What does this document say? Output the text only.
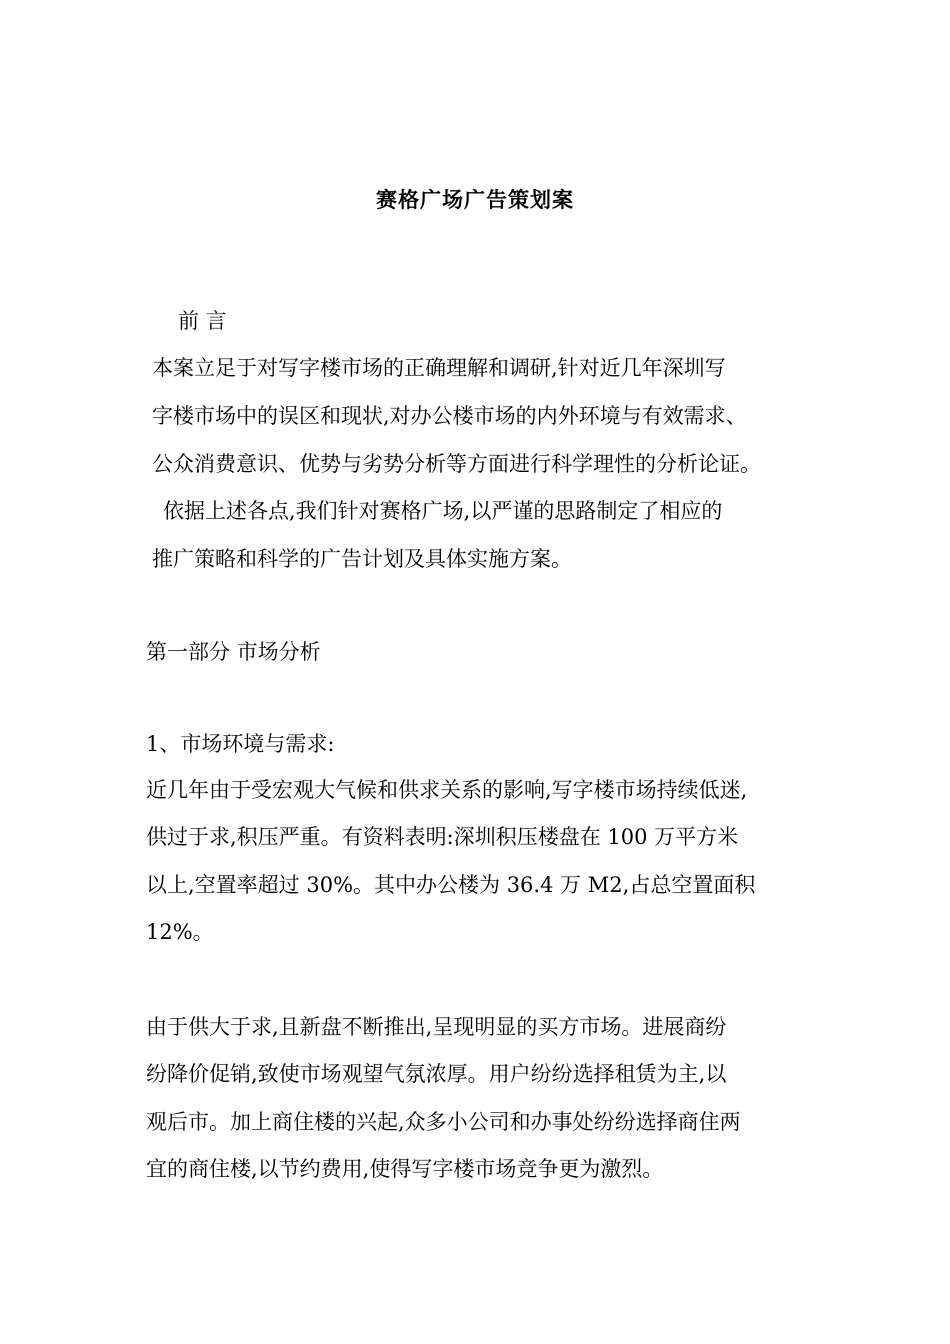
赛格广场广告策划案
前 言
本案立足于对写字楼市场的正确理解和调研,针对近几年深圳写
字楼市场中的误区和现状,对办公楼市场的内外环境与有效需求、
公众消费意识、优势与劣势分析等方面进行科学理性的分析论证。
依据上述各点,我们针对赛格广场,以严谨的思路制定了相应的
推广策略和科学的广告计划及具体实施方案。
第一部分 市场分析
1、市场环境与需求:
近几年由于受宏观大气候和供求关系的影响,写字楼市场持续低迷,
供过于求,积压严重。有资料表明:深圳积压楼盘在 100 万平方米
以上,空置率超过 30%。其中办公楼为 36.4 万 M2,占总空置面积
12%。
由于供大于求,且新盘不断推出,呈现明显的买方市场。进展商纷
纷降价促销,致使市场观望气氛浓厚。用户纷纷选择租赁为主,以
观后市。加上商住楼的兴起,众多小公司和办事处纷纷选择商住两
宜的商住楼,以节约费用,使得写字楼市场竞争更为激烈。
